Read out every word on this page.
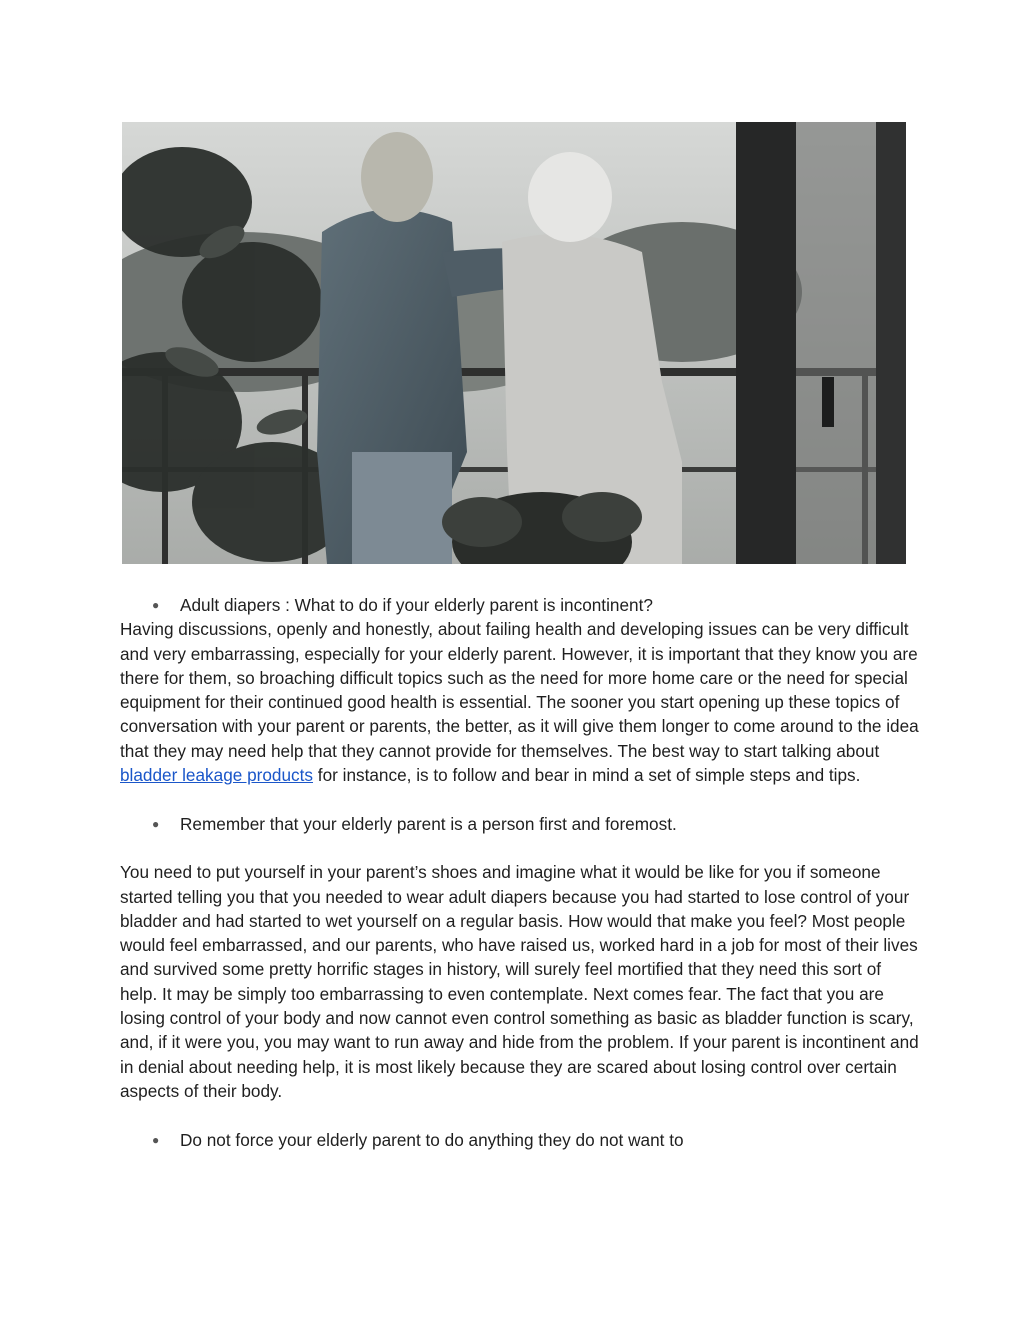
● Adult diapers : What to do if your elderly parent is incontinent?

Having discussions, openly and honestly, about failing health and developing issues can be very difficult and very embarrassing, especially for your elderly parent. However, it is important that they know you are there for them, so broaching difficult topics such as the need for more home care or the need for special equipment for their continued good health is essential. The sooner you start opening up these topics of conversation with your parent or parents, the better, as it will give them longer to come around to the idea that they may need help that they cannot provide for themselves. The best way to start talking about bladder leakage products for instance, is to follow and bear in mind a set of simple steps and tips.

● Remember that your elderly parent is a person first and foremost.

You need to put yourself in your parent’s shoes and imagine what it would be like for you if someone started telling you that you needed to wear adult diapers because you had started to lose control of your bladder and had started to wet yourself on a regular basis. How would that make you feel? Most people would feel embarrassed, and our parents, who have raised us, worked hard in a job for most of their lives and survived some pretty horrific stages in history, will surely feel mortified that they need this sort of help. It may be simply too embarrassing to even contemplate. Next comes fear. The fact that you are losing control of your body and now cannot even control something as basic as bladder function is scary, and, if it were you, you may want to run away and hide from the problem. If your parent is incontinent and in denial about needing help, it is most likely because they are scared about losing control over certain aspects of their body.

● Do not force your elderly parent to do anything they do not want to
